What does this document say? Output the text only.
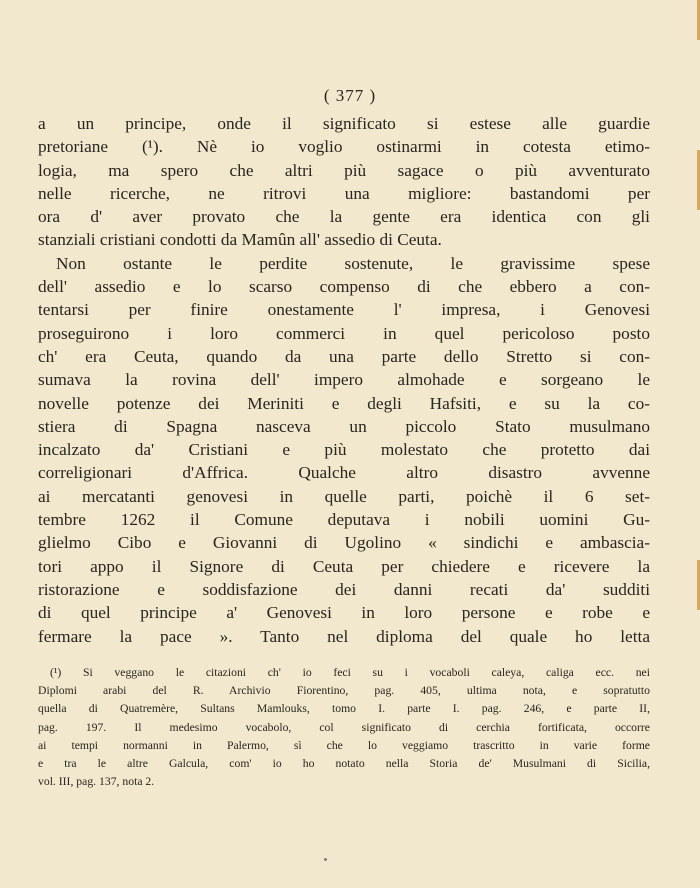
( 377 )
a un principe, onde il significato si estese alle guardie
pretoriane (¹). Nè io voglio ostinarmi in cotesta etimo-
logia, ma spero che altri più sagace o più avventurato
nelle ricerche, ne ritrovi una migliore: bastandomi per
ora d' aver provato che la gente era identica con gli
stanziali cristiani condotti da Mamûn all' assedio di Ceuta.
Non ostante le perdite sostenute, le gravissime spese
dell' assedio e lo scarso compenso di che ebbero a con-
tentarsi per finire onestamente l' impresa, i Genovesi
proseguirono i loro commerci in quel pericoloso posto
ch' era Ceuta, quando da una parte dello Stretto si con-
sumava la rovina dell' impero almohade e sorgeano le
novelle potenze dei Meriniti e degli Hafsiti, e su la co-
stiera di Spagna nasceva un piccolo Stato musulmano
incalzato da' Cristiani e più molestato che protetto dai
correligionari d'Affrica. Qualche altro disastro avvenne
ai mercatanti genovesi in quelle parti, poichè il 6 set-
tembre 1262 il Comune deputava i nobili uomini Gu-
glielmo Cibo e Giovanni di Ugolino « sindichi e ambascia-
tori appo il Signore di Ceuta per chiedere e ricevere la
ristorazione e soddisfazione dei danni recati da' sudditi
di quel principe a' Genovesi in loro persone e robe e
fermare la pace ». Tanto nel diploma del quale ho letta
(¹) Si veggano le citazioni ch' io feci su i vocaboli caleya, caliga ecc. nei
Diplomi arabi del R. Archivio Fiorentino, pag. 405, ultima nota, e sopratutto
quella di Quatremère, Sultans Mamlouks, tomo I. parte I. pag. 246, e parte II,
pag. 197. Il medesimo vocabolo, col significato di cerchia fortificata, occorre
ai tempi normanni in Palermo, sì che lo veggiamo trascritto in varie forme
e tra le altre Galcula, com' io ho notato nella Storia de' Musulmani di Sicilia,
vol. III, pag. 137, nota 2.
